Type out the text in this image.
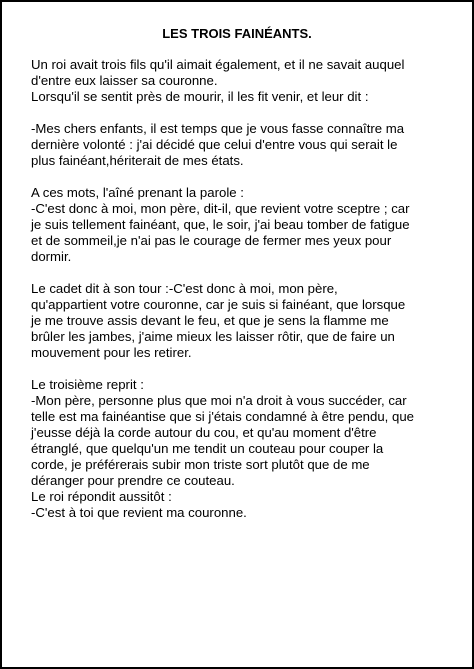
LES TROIS FAINÉANTS.
Un roi avait trois fils qu'il aimait également, et il ne savait auquel
d'entre eux laisser sa couronne.
Lorsqu'il se sentit près de mourir, il les fit venir, et leur dit :
-Mes chers enfants, il est temps que je vous fasse connaître ma
dernière volonté : j'ai décidé que celui d'entre vous qui serait le
plus fainéant,hériterait de mes états.
A ces mots, l'aîné prenant la parole :
-C'est donc à moi, mon père, dit-il, que revient votre sceptre ; car
je suis tellement fainéant, que, le soir, j'ai beau tomber de fatigue
et de sommeil,je n'ai pas le courage de fermer mes yeux pour
dormir.
Le cadet dit à son tour :-C'est donc à moi, mon père,
qu'appartient votre couronne, car je suis si fainéant, que lorsque
je me trouve assis devant le feu, et que je sens la flamme me
brûler les jambes, j'aime mieux les laisser rôtir, que de faire un
mouvement pour les retirer.
Le troisième reprit :
-Mon père, personne plus que moi n'a droit à vous succéder, car
telle est ma fainéantise que si j'étais condamné à être pendu, que
j'eusse déjà la corde autour du cou, et qu'au moment d'être
étranglé, que quelqu'un me tendit un couteau pour couper la
corde, je préférerais subir mon triste sort plutôt que de me
déranger pour prendre ce couteau.
Le roi répondit aussitôt :
-C'est à toi que revient ma couronne.
